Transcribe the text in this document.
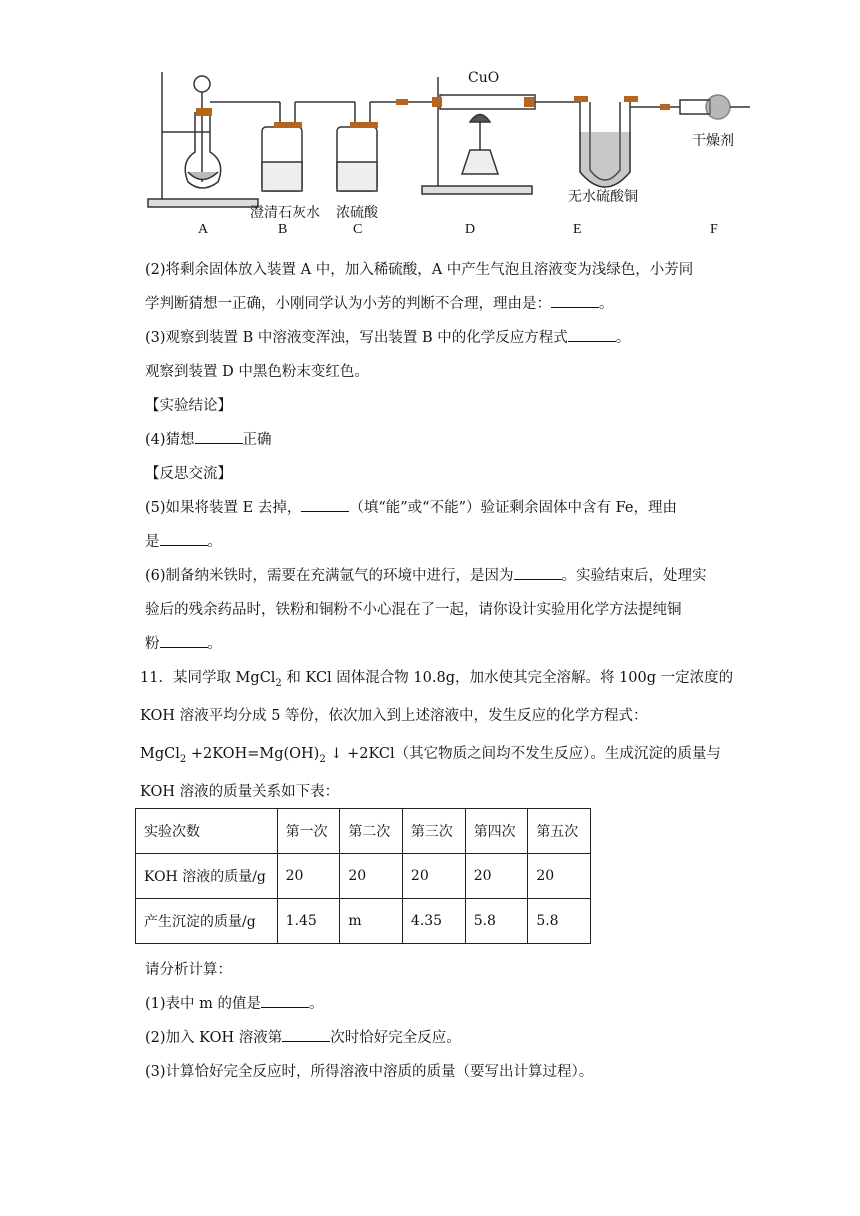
CuO
澄清石灰水 浓硫酸
无水硫酸铜
干燥剂
A	B	C	D	E	F
(2)将剩余固体放入装置 A 中，加入稀硫酸，A 中产生气泡且溶液变为浅绿色，小芳同
学判断猜想一正确，小刚同学认为小芳的判断不合理，理由是：	。
(3)观察到装置 B 中溶液变浑浊，写出装置 B 中的化学反应方程式	。
观察到装置 D 中黑色粉末变红色。
【实验结论】
(4)猜想	正确
【反思交流】
(5)如果将装置 E 去掉，	（填“能”或“不能”）验证剩余固体中含有 Fe，理由
是	。
(6)制备纳米铁时，需要在充满氩气的环境中进行，是因为	。实验结束后，处理实
验后的残余药品时，铁粉和铜粉不小心混在了一起，请你设计实验用化学方法提纯铜
粉	。
11．某同学取 MgCl$_2$ 和 KCl 固体混合物 10.8g，加水使其完全溶解。将 100g 一定浓度的
KOH 溶液平均分成 5 等份，依次加入到上述溶液中，发生反应的化学方程式：
MgCl$_2$ $+2KOH=Mg(OH)_2$ ↓ +2KCl（其它物质之间均不发生反应）。生成沉淀的质量与
KOH 溶液的质量关系如下表：
实验次数	第一次	第二次	第三次	第四次	第五次
KOH 溶液的质量/g	20	20	20	20	20
产生沉淀的质量/g	1.45	m	4.35	5.8	5.8
请分析计算：
(1)表中 m 的值是	。
(2)加入 KOH 溶液第	次时恰好完全反应。
(3)计算恰好完全反应时，所得溶液中溶质的质量（要写出计算过程）。
